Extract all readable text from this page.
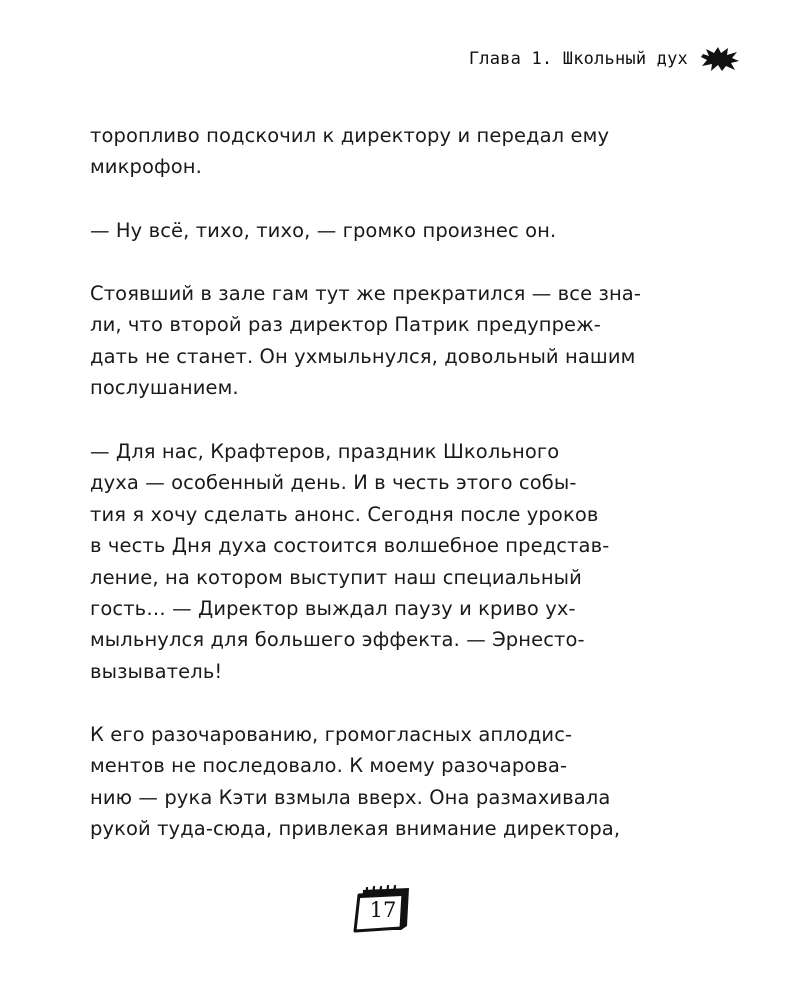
Глава 1. Школьный дух
торопливо подскочил к директору и передал ему
микрофон.
— Ну всё, тихо, тихо, — громко произнес он.
Стоявший в зале гам тут же прекратился — все зна-
ли, что второй раз директор Патрик предупреж-
дать не станет. Он ухмыльнулся, довольный нашим
послушанием.
— Для нас, Крафтеров, праздник Школьного
духа — особенный день. И в честь этого собы-
тия я хочу сделать анонс. Сегодня после уроков
в честь Дня духа состоится волшебное представ-
ление, на котором выступит наш специальный
гость… — Директор выждал паузу и криво ух-
мыльнулся для большего эффекта. — Эрнесто-
вызыватель!
К его разочарованию, громогласных аплодис-
ментов не последовало. К моему разочарова-
нию — рука Кэти взмыла вверх. Она размахивала
рукой туда-сюда, привлекая внимание директора,
17
